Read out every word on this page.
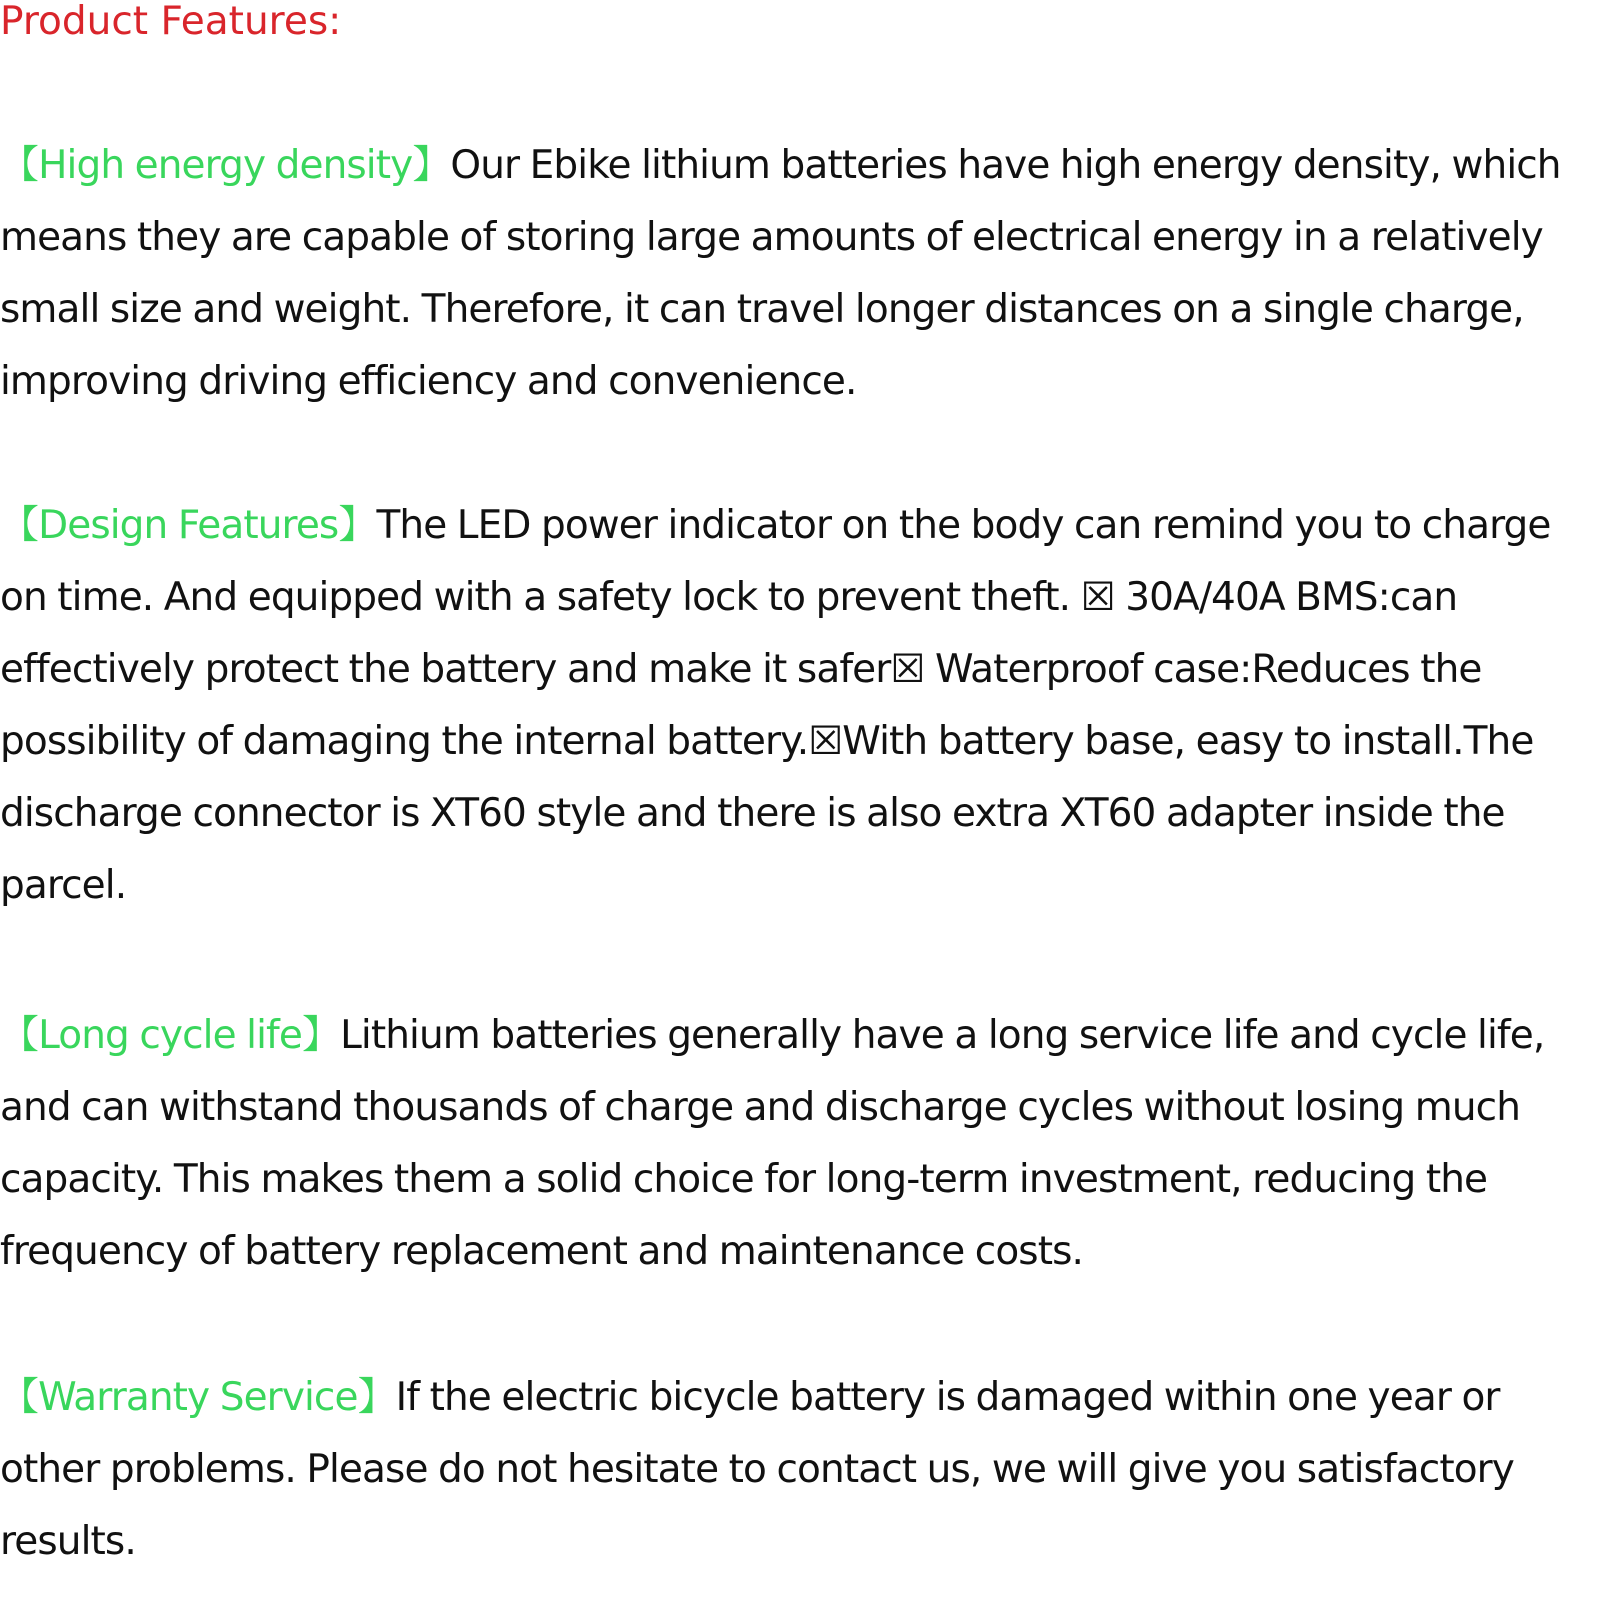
Product Features:

【High energy density】Our Ebike lithium batteries have high energy density, which means they are capable of storing large amounts of electrical energy in a relatively small size and weight. Therefore, it can travel longer distances on a single charge, improving driving efficiency and convenience.

【Design Features】The LED power indicator on the body can remind you to charge on time. And equipped with a safety lock to prevent theft. ☒ 30A/40A BMS:can effectively protect the battery and make it safer☒ Waterproof case:Reduces the possibility of damaging the internal battery.☒With battery base, easy to install.The discharge connector is XT60 style and there is also extra XT60 adapter inside the parcel.

【Long cycle life】Lithium batteries generally have a long service life and cycle life, and can withstand thousands of charge and discharge cycles without losing much capacity. This makes them a solid choice for long-term investment, reducing the frequency of battery replacement and maintenance costs.

【Warranty Service】If the electric bicycle battery is damaged within one year or other problems. Please do not hesitate to contact us, we will give you satisfactory results.
